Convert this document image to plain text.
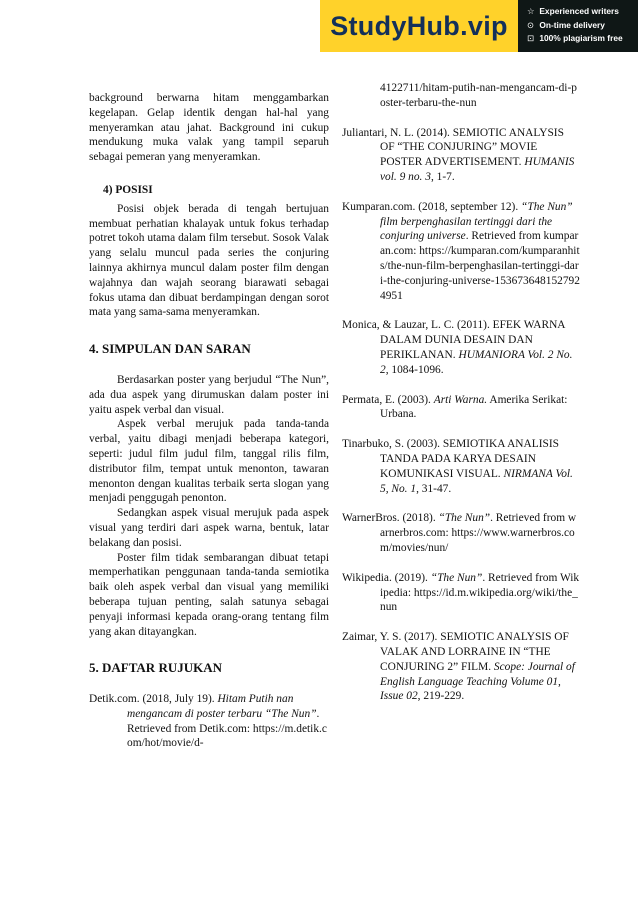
StudyHub.vip ☆ Experienced writers
⊙ On-time delivery
⊡ 100% plagiarism free

background berwarna hitam menggambarkan kegelapan. Gelap identik dengan hal-hal yang menyeramkan atau jahat. Background ini cukup mendukung muka valak yang tampil separuh sebagai pemeran yang menyeramkan.

4) POSISI

Posisi objek berada di tengah bertujuan membuat perhatian khalayak untuk fokus terhadap potret tokoh utama dalam film tersebut. Sosok Valak yang selalu muncul pada series the conjuring lainnya akhirnya muncul dalam poster film dengan wajahnya dan wajah seorang biarawati sebagai fokus utama dan dibuat berdampingan dengan sorot mata yang sama-sama menyeramkan.

4. SIMPULAN DAN SARAN

Berdasarkan poster yang berjudul “The Nun”, ada dua aspek yang dirumuskan dalam poster ini yaitu aspek verbal dan visual.

Aspek verbal merujuk pada tanda-tanda verbal, yaitu dibagi menjadi beberapa kategori, seperti: judul film judul film, tanggal rilis film, distributor film, tempat untuk menonton, tawaran menonton dengan kualitas terbaik serta slogan yang menjadi penggugah penonton.

Sedangkan aspek visual merujuk pada aspek visual yang terdiri dari aspek warna, bentuk, latar belakang dan posisi.

Poster film tidak sembarangan dibuat tetapi memperhatikan penggunaan tanda-tanda semiotika baik oleh aspek verbal dan visual yang memiliki beberapa tujuan penting, salah satunya sebagai penyaji informasi kepada orang-orang tentang film yang akan ditayangkan.

5. DAFTAR RUJUKAN

Detik.com. (2018, July 19). Hitam Putih nan mengancam di poster terbaru “The Nun”. Retrieved from Detik.com: https://m.detik.com/hot/movie/d-

4122711/hitam-putih-nan-mengancam-di-poster-terbaru-the-nun

Juliantari, N. L. (2014). SEMIOTIC ANALYSIS OF “THE CONJURING” MOVIE POSTER ADVERTISEMENT. HUMANIS vol. 9 no. 3, 1-7.

Kumparan.com. (2018, september 12). “The Nun” film berpenghasilan tertinggi dari the conjuring universe. Retrieved from kumparan.com: https://kumparan.com/kumparanhits/the-nun-film-berpenghasilan-tertinggi-dari-the-conjuring-universe-1536736481527924951

Monica, & Lauzar, L. C. (2011). EFEK WARNA DALAM DUNIA DESAIN DAN PERIKLANAN. HUMANIORA Vol. 2 No. 2, 1084-1096.

Permata, E. (2003). Arti Warna. Amerika Serikat: Urbana.

Tinarbuko, S. (2003). SEMIOTIKA ANALISIS TANDA PADA KARYA DESAIN KOMUNIKASI VISUAL. NIRMANA Vol. 5, No. 1, 31-47.

WarnerBros. (2018). “The Nun”. Retrieved from warnerbros.com: https://www.warnerbros.com/movies/nun/

Wikipedia. (2019). “The Nun”. Retrieved from Wikipedia: https://id.m.wikipedia.org/wiki/the_nun

Zaimar, Y. S. (2017). SEMIOTIC ANALYSIS OF VALAK AND LORRAINE IN “THE CONJURING 2” FILM. Scope: Journal of English Language Teaching Volume 01, Issue 02, 219-229.
